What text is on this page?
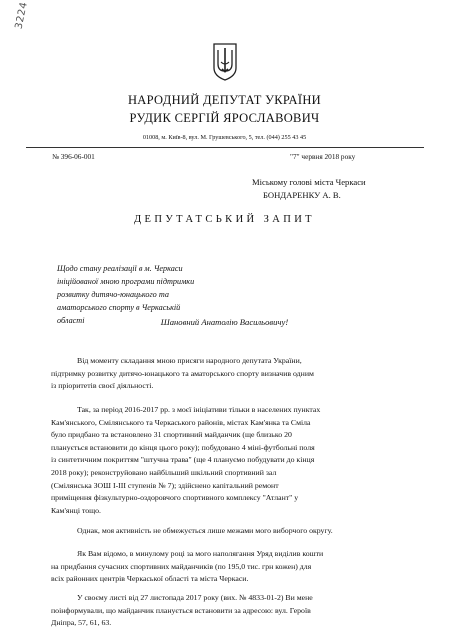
3224
НАРОДНИЙ ДЕПУТАТ УКРАЇНИ
РУДИК СЕРГІЙ ЯРОСЛАВОВИЧ
01008, м. Київ-8, вул. М. Грушевського, 5, тел. (044) 255 43 45
№ 396-06-001	"7" червня 2018 року
Міському голові міста Черкаси
БОНДАРЕНКУ А. В.
ДЕПУТАТСЬКИЙ ЗАПИТ
Щодо стану реалізації в м. Черкаси
ініційованої мною програми підтримки
розвитку дитячо-юнацького та
аматорського спорту в Черкаській
області	Шановний Анатолію Васильовичу!
Від моменту складання мною присяги народного депутата України,
підтримку розвитку дитячо-юнацького та аматорського спорту визначив одним
із пріоритетів своєї діяльності.
Так, за період 2016-2017 рр. з моєї ініціативи тільки в населених пунктах
Кам'янського, Смілянського та Черкаського районів, містах Кам'янка та Сміла
було придбано та встановлено 31 спортивний майданчик (ще близько 20
планується встановити до кінця цього року); побудовано 4 міні-футбольні поля
із синтетичним покриттям "штучна трава" (ще 4 плануємо побудувати до кінця
2018 року); реконструйовано найбільший шкільний спортивний зал
(Смілянська ЗОШ І-ІІІ ступенів № 7); здійснено капітальний ремонт
приміщення фізкультурно-оздоровчого спортивного комплексу "Атлант" у
Кам'янці тощо.
Однак, моя активність не обмежується лише межами мого виборчого округу.
Як Вам відомо, в минулому році за мого наполягання Уряд виділив кошти
на придбання сучасних спортивних майданчиків (по 195,0 тис. грн кожен) для
всіх районних центрів Черкаської області та міста Черкаси.
У своєму листі від 27 листопада 2017 року (вих. № 4833-01-2) Ви мене
поінформували, що майданчик планується встановити за адресою: вул. Героїв
Дніпра, 57, 61, 63.
